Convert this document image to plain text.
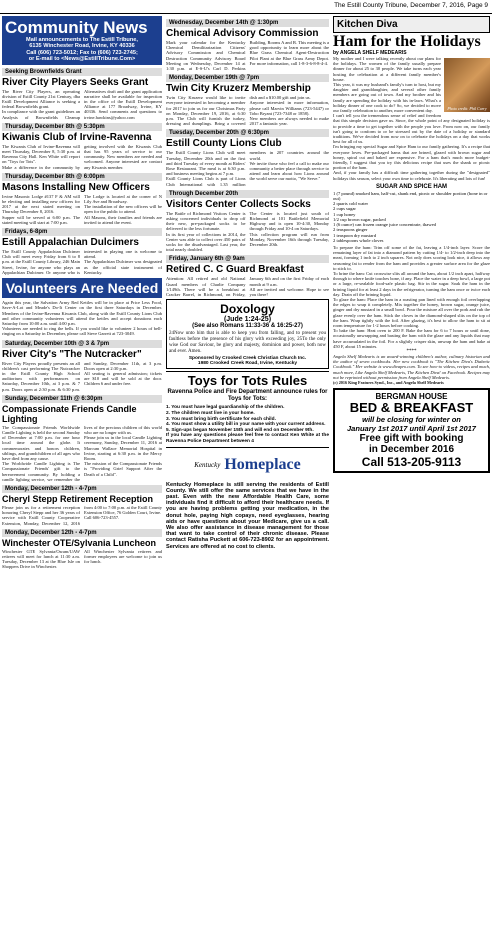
The Estill County Tribune, December 7, 2016, Page 9
Community News
Mail announcements to The Estill Tribune,
6135 Winchester Road, Irvine, KY 40336
Call (606) 723-5012; Fax to (606) 723-2745;
or E-mail to <News@EstillTribune.Com>
Seeking Brownfields Grant
River City Players Seeks Grant
The River City Players, an operating division of Estill County 21st Century, dba Estill Development Alliance is seeking a federal Brownfields grant.
In compliance with the grant guidelines an Analysis of Brownfields Cleanup Alternatives draft and the grant application narrative shall be available for inspection in the office of the Estill Development Alliance at 177 Broadway, Irvine, KY 40336. Send comments and questions to irvine.hawkins@yahoo.com
Thursday, December 8th @ 5:30pm
Kiwanis Club of Irvine-Ravenna
The Kiwanis Club of Irvine-Ravenna will meet Thursday, December 8, 5:30 p.m. at Ravenna City Hall. Ken White will report on "Toys for Tots".
Make a difference in the community by getting involved with the Kiwanis Club that has 95 years of service to our community. New members are needed and welcomed. Anyone interested are contact any Kiwanis member.
Thursday, December 8th @ 6:00pm
Masons Installing New Officers
Irvine Masonic Lodge #137 F & AM will be electing and installing new officers for 2017 at the next stated meeting on Thursday December 8, 2016.
Supper will be served at 6:00 p.m. The stated meeting will start at 7:00 p.m.
The Lodge is located at the corner of N Lily Ave and Broadway.
The installation of the new officers will be open for the public to attend.
All Masons, their families and friends are invited to attend the event.
Fridays, 6-8pm
Estill Appalachian Dulcimers
The Estill County Appalachian Dulcimer Club will meet every Friday from 6 to 8 p.m. at the Estill County Library, 246 Main Street, Irvine, for anyone who plays an Appalachian Dulcimer. Or anyone who is interested in playing one is welcome to attend.
The Appalachian Dulcimer was designated as the official state instrument of Kentucky.
Volunteers Are Needed
Again this year, the Salvation Army Red Kettles will be in place at Price Less Food, Save-A-Lot and Meade's Do-It Center on the first three Saturdays in December. Members of the Irvine-Ravenna Kiwanis Club, along with the Estill County Lions Club and other community volunteers will attend the kettles and accept donations each Saturday from 10:00 a.m. until 4:00 p.m.
Volunteers are needed to ring the bells. If you would like to volunteer 2 hours of bell-ringing on a Saturday in December, please call Steve Garrett at 723-3049.
Saturday, December 10th @ 3 & 7pm
River City's "The Nutcracker"
River City Players proudly presents an all children's cast performing The Nutcracker in the Estill County High School auditorium with performances on Saturday, December 10th, at 3 p.m. & 7 p.m. Doors open at 2:30 p.m. & 6:30 p.m. and Sunday, December 11th, at 3 p.m. Doors open at 2:30 p.m.
All seating is general admission; tickets are $10 and will be sold at the door. Children 6 and under free.
Sunday, December 11th @ 6:30pm
Compassionate Friends Candle Lighting
The Compassionate Friends Worldwide Candle Lighting is held the second Sunday of December at 7:00 p.m. for one hour local time around the globe. It commemorates and honors children, siblings, and grandchildren of all ages who have died from any cause.
The Worldwide Candle Lighting is The Compassionate Friends' gift to the bereavement community. By holding a candle lighting service, we remember the lives of the precious children of this world who are no longer with us.
Please join us in the local Candle Lighting ceremony, Sunday, December 11, 2016 at Marcum Wallace Memorial Hospital in Irvine, starting at 6:30 p.m. in the Mercy Room.
The mission of the Compassionate Friends is "Providing Grief Support After the Death of a Child".
Monday, December 12th - 4-7pm
Cheryl Stepp Retirement Reception
Please join us for a retirement reception honoring Cheryl Stepp and her 36 years of service with Estill County Cooperative Extension, Monday, December 12, 2016 from 4:00 to 7:00 p.m. at the Estill County Extension Office, 76 Golden Court, Irvine.
Call 606-723-4557.
Monday, December 12th - 4-7pm
Winchester OTE/Sylvania Luncheon
Winchester GTE Sylvania/Osram/UAW retirees will meet for lunch at 11:30 a.m. Tuesday, December 13 at the Blue Isle on Shoppers Drive in Winchester.
All Winchester Sylvania retirees and former employees are welcome to join us for lunch.
Wednesday, December 14th @ 1:30pm
Chemical Advisory Commission
Mark your calendar for the Kentucky Chemical Demilitarization Citizens' Advisory Commission and Chemical Destruction Community Advisory Board Meeting on Wednesday, December 14 at 1:30 p.m. at E-S-U's Carl D. Perkins Building, Rooms A and B. This meeting is a good opportunity to learn more about the Blue Grass Chemical Agent-Destruction Pilot Plant at the Blue Grass Army Depot. For more information, call 1-8-3-6-8-8-4-4.
Monday, December 19th @ 7pm
Twin City Kruzerz Membership
Twin City Kruzerz would like to invite everyone interested in becoming a member for 2017 to join us for our Christmas Party on Monday, December 19, 2016, at 6:30 p.m. The Club will furnish the turkey, dressing and dumplings. Bring a covered dish and a $10.00 gift and join us.
Anyone interested in more information, please call Marvin Williams (723-5447) or Tobo Bryant (723-7348 or 1858).
New members are always needed to make 2017 a fantastic year.
Tuesday, December 20th @ 6:30pm
Estill County Lions Club
The Estill County Lions Club will meet Tuesday, December 20th and on the first and third Tuesday of every month at Riders' Rose Restaurant. The meal is at 6:30 p.m. and business meeting begins at 7 p.m.
Estill County Lions Club is part of Lions Club International with 1.35 million members in 207 countries around the world.
We invite those who feel a call to make our community a better place through service to attend and learn about how Lions around the world serve our motto, "We Serve."
Through December 20th
Visitors Center Collects Socks
The Battle of Richmond Visitors Center is asking concerned individuals to drop off their new, pre-packaged socks to be delivered to the less fortunate.
In its first year of collections in 2014, the Center was able to collect over 450 pairs of socks for the disadvantaged. Last year, the total nearly doubled.
The Center is located just south of Richmond at 101 Battlefield Memorial Highway and is open 10-4:30, Monday through Friday and 10-4 on Saturdays.
This collection program will run from Monday, November 16th through Tuesday, December 20th.
Friday, January 6th @ 9am
Retired C. C Guard Breakfast
Attention: All retired and old National Guard members of Charlie Company 1/149th. There will be a breakfast at Cracker Barrel, in Richmond, on Friday, January 6th and on the first Friday of each month at 9 a.m.
All are invited and welcome. Hope to see you there!
Doxology
(Jude 1:24-25)
(See also Romans 11:33-36 & 16:25-27)
24Now unto him that is able to keep you from falling, and to present you faultless before the presence of his glory with exceeding joy, 25To the only wise God our Saviour, be glory and majesty, dominion and power, both now and ever. Amen.
Sponsored by Crooked Creek Christian Church Inc.
1980 Crooked Creek Road, Irvine, Kentucky
Toys for Tots Rules
Ravenna Police and Fire Department announce rules for Toys for Tots:
1. You must have legal guardianship of the children.
2. The children must live in your home.
3. You must bring birth certificate for each child.
4. You must show a utility bill in your name with your current address.
5. Sign-ups began November 15th and will end on December 9th.
If you have any questions please feel free to contact Ken White at the Ravenna Police Department between 4
Kentucky Homeplace
Kentucky Homeplace is still serving the residents of Estill County. We still offer the same services that we have in the past. Even with the new Affordable Health Care, some individuals find it difficult to afford their healthcare needs. If you are having problems getting your medication, in the donut hole, paying high copays, need eyeglasses, hearing aids or have questions about your Medicare, give us a call. We also offer assistance in disease management for those that want to take control of their chronic disease. Please contact Ratisha Puckett at 606-723-8902 for an appointment. Services are offered at no cost to clients.
Kitchen Diva
Ham for the Holidays
by ANGELA SHELF MEDEARIS
Photo credit: Phil Curry
My mother and I were talking recently about our plans for the holidays. The women of the family usually prepare dinner for about 25 to 30 people. We take turns each year hosting the celebration at a different family member's house.
This year, it was my husband's family's turn to host, but my daughter and granddaughter, and several other family members are going out of town. And my brother and his family are spending the holiday with his in-laws. What's a holiday dinner of one cook to do? So, we decided to move our family celebration to another, more convenient day.
I can't tell you the tremendous sense of relief and freedom that this simple decision gave us. Since, the whole point of any designated holiday is to provide a time to get together with the people you love. From now on, our family isn't going to conform to or be stressed out by the date of a holiday or standard traditions. We've decided from now on to celebrate the holidays on a day that works best for all of us.
I'm bringing my special Sugar and Spice Ham to our family gathering. It's a recipe that everyone loves. Pre-packaged hams that are brined, glazed with brown sugar and honey, spiral cut and baked are expensive. For a ham that's much more budget-friendly, I suggest that you try this delicious recipe that uses the shank or picnic portion of the ham.
And, if your family has a difficult time gathering together during the "designated" holidays this season, select your own time to celebrate. It's liberating and lots of fun!
SUGAR AND SPICE HAM
1 (7 pound) smoked ham, half-cut, shank end, picnic or shoulder portion (bone in or out)
2 quarts cold water
2 cups sugar
1 cup honey
1/2 cup brown sugar, packed
1 (6 ounce) can frozen orange juice concentrate, thawed
2 teaspoons ginger
1 teaspoon dry mustard
2 tablespoons whole cloves
To prepare the ham: Trim off some of the fat, leaving a 1/4-inch layer. Score the remaining layer of fat into a diamond pattern by cutting 1/4- to 1/2-inch deep into the meat, forming 1 inch to 2 inch squares. Not only does scoring look nice, it allows any seasoning fat to render from the ham and provides a greater surface area for the glaze to stick to.
To brine the ham: Cut crosswise slits all around the ham, about 1/2 inch apart, halfway through to where knife touches bone, if any. Place the water in a deep bowl, a large pot or a large, re-sealable food-safe plastic bag. Stir in the sugar. Soak the ham in the brining liquid for at least 2 days in the refrigerator, turning the ham once or twice each day. Drain off the brining liquid.
To glaze the ham: Place the ham in a roasting pan lined with enough foil overlapping the edges to wrap it completely. Mix together the honey, brown sugar, orange juice, ginger and dry mustard in a small bowl. Pour the mixture all over the pork and rub the glaze evenly over the ham. Stick the cloves in the diamond-shaped slits on the top of the ham. Wrap tightly with the foil. After glazing, it's best to allow the ham to sit at room temperature for 1-2 hours before cooking.
To bake the ham: Heat oven to 200 F. Bake the ham for 6 to 7 hours or until done, occasionally unwrapping and basting the ham with the glaze and any liquids that may have accumulated in the foil. For a slightly crisper skin, unwrap the ham and bake at 450 F, about 15 minutes.
****
Angela Shelf Medearis is an award-winning children's author, culinary historian and the author of seven cookbooks. Her new cookbook is "The Kitchen Diva's Diabetic Cookbook." Her website is www.divapro.com. To see how-to videos, recipes and much, much more, Like Angela Shelf Medearis, The Kitchen Diva! on Facebook. Recipes may not be reprinted without permission from Angela Shelf Medearis.
(c) 2016 King Features Synd., Inc., and Angela Shelf Medearis
BERGMAN HOUSE
BED & BREAKFAST
will be closing for winter on
January 1st 2017 until April 1st 2017
Free gift with booking
in December 2016
Call 513-205-9113
